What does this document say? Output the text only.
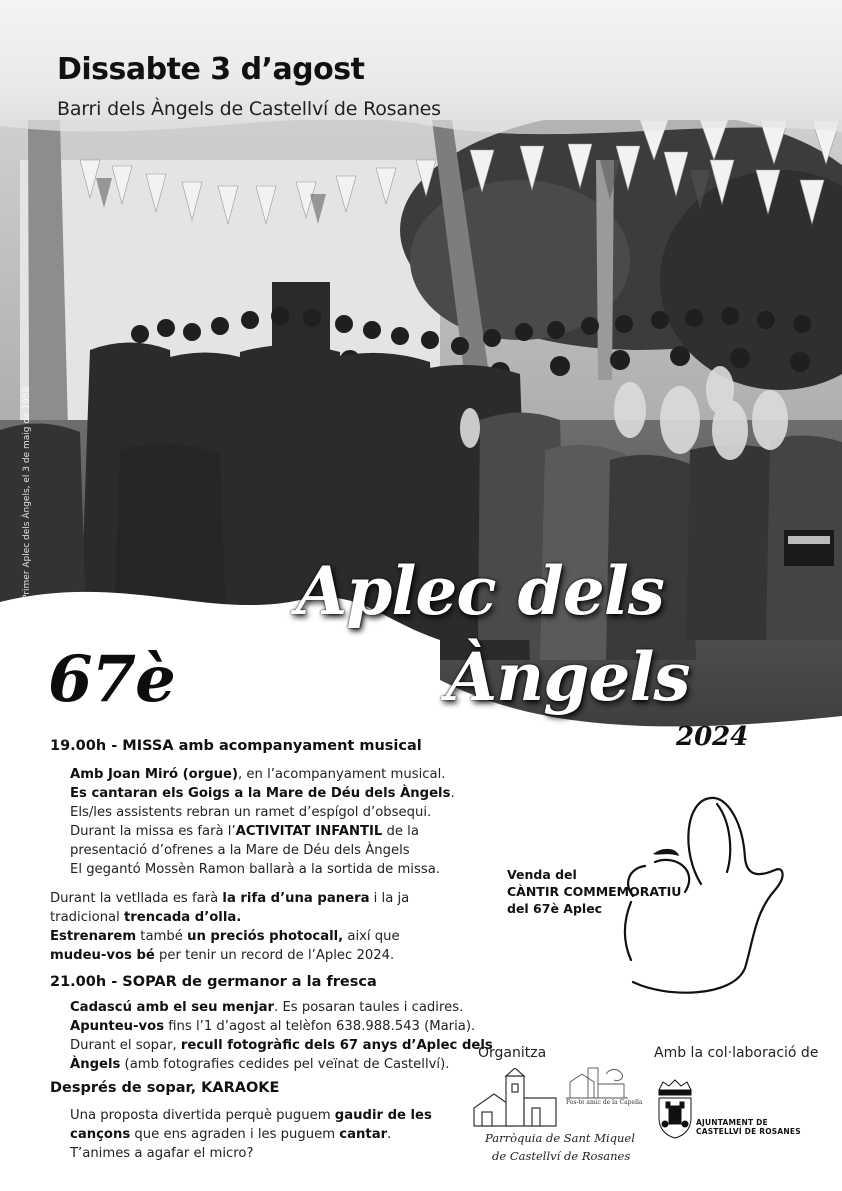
Primer Aplec dels Àngels, el 3 de maig de 1958
Dissabte 3 d’agost
Barri dels Àngels de Castellví de Rosanes
Aplec dels
Àngels
2024
67è
19.00h - MISSA amb acompanyament musical
Amb Joan Miró (orgue), en l’acompanyament musical.
Es cantaran els Goigs a la Mare de Déu dels Àngels.
Els/les assistents rebran un ramet d’espígol d’obsequi.
Durant la missa es farà l’ACTIVITAT INFANTIL de la
presentació d’ofrenes a la Mare de Déu dels Àngels
El gegantó Mossèn Ramon ballarà a la sortida de missa.
Durant la vetllada es farà la rifa d’una panera i la ja
tradicional trencada d’olla.
Estrenarem també un preciós photocall, així que
mudeu-vos bé per tenir un record de l’Aplec 2024.
21.00h - SOPAR de germanor a la fresca
Cadascú amb el seu menjar. Es posaran taules i cadires.
Apunteu-vos fins l’1 d’agost al telèfon 638.988.543 (Maria).
Durant el sopar, recull fotogràfic dels 67 anys d’Aplec dels
Àngels (amb fotografies cedides pel veïnat de Castellví).
Després de sopar, KARAOKE
Una proposta divertida perquè puguem gaudir de les
cançons que ens agraden i les puguem cantar.
T’animes a agafar el micro?
Venda del
CÀNTIR COMMEMORATIU
del 67è Aplec
Organitza	Amb la col·laboració de
Fes-te amic de la Capella
Parròquia de Sant Miquel
de Castellví de Rosanes
AJUNTAMENT DE
CASTELLVÍ DE ROSANES
